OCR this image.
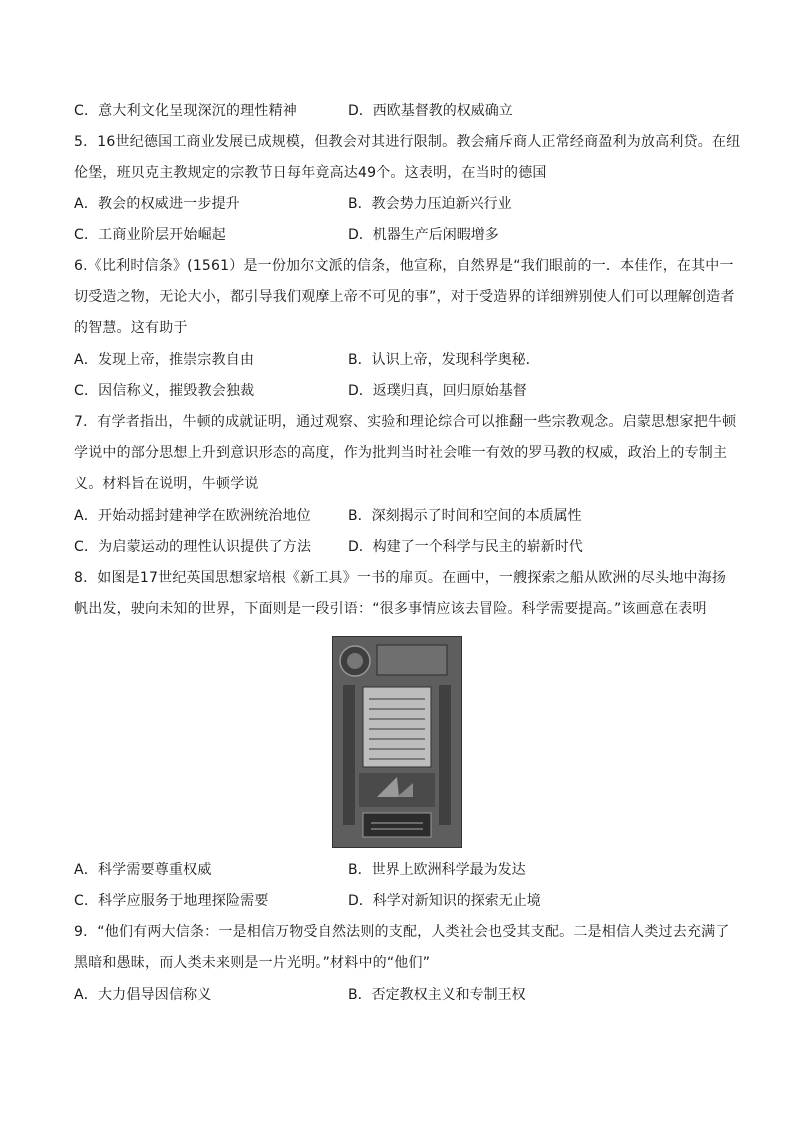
C．意大利文化呈现深沉的理性精神	D．西欧基督教的权威确立
5．16世纪德国工商业发展已成规模，但教会对其进行限制。教会痛斥商人正常经商盈利为放高利贷。在纽
伦堡，班贝克主教规定的宗教节日每年竟高达49个。这表明，在当时的德国
A．教会的权威进一步提升	B．教会势力压迫新兴行业
C．工商业阶层开始崛起	D．机器生产后闲暇增多
6.《比利时信条》(1561）是一份加尔文派的信条，他宣称，自然界是“我们眼前的一．本佳作，在其中一
切受造之物，无论大小，都引导我们观摩上帝不可见的事”，对于受造界的详细辨别使人们可以理解创造者
的智慧。这有助于
A．发现上帝，推崇宗教自由	B．认识上帝，发现科学奥秘．
C．因信称义，摧毁教会独裁	D．返璞归真，回归原始基督
7．有学者指出，牛顿的成就证明，通过观察、实验和理论综合可以推翻一些宗教观念。启蒙思想家把牛顿
学说中的部分思想上升到意识形态的高度，作为批判当时社会唯一有效的罗马教的权威，政治上的专制主
义。材料旨在说明，牛顿学说
A．开始动摇封建神学在欧洲统治地位	B．深刻揭示了时间和空间的本质属性
C．为启蒙运动的理性认识提供了方法	D．构建了一个科学与民主的崭新时代
8．如图是17世纪英国思想家培根《新工具》一书的扉页。在画中，一艘探索之船从欧洲的尽头地中海扬
帆出发，驶向未知的世界，下面则是一段引语：“很多事情应该去冒险。科学需要提高。”该画意在表明
A．科学需要尊重权威	B．世界上欧洲科学最为发达
C．科学应服务于地理探险需要	D．科学对新知识的探索无止境
9．“他们有两大信条：一是相信万物受自然法则的支配，人类社会也受其支配。二是相信人类过去充满了
黑暗和愚昧，而人类未来则是一片光明。”材料中的“他们”
A．大力倡导因信称义	B．否定教权主义和专制王权
